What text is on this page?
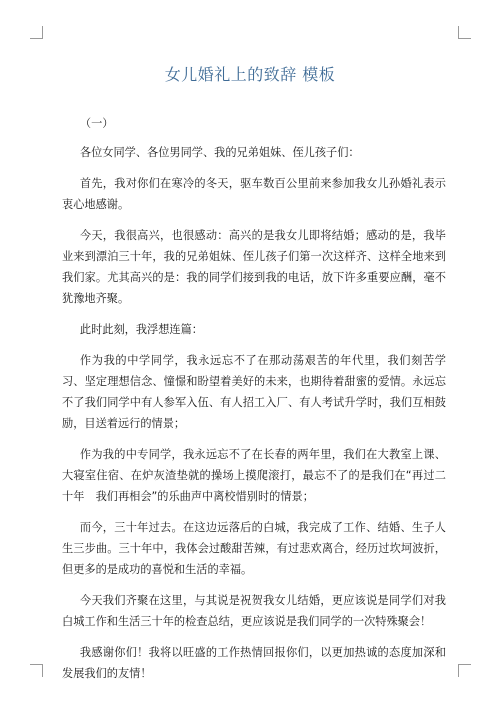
女儿婚礼上的致辞 模板

（一）

各位女同学、各位男同学、我的兄弟姐妹、侄儿孩子们：

首先，我对你们在寒冷的冬天，驱车数百公里前来参加我女儿孙婚礼表示衷心地感谢。

今天，我很高兴，也很感动：高兴的是我女儿即将结婚；感动的是，我毕业来到漂泊三十年，我的兄弟姐妹、侄儿孩子们第一次这样齐、这样全地来到我们家。尤其高兴的是：我的同学们接到我的电话，放下许多重要应酬，毫不犹豫地齐聚。

此时此刻，我浮想连篇：

作为我的中学同学，我永远忘不了在那动荡艰苦的年代里，我们刻苦学习、坚定理想信念、憧憬和盼望着美好的未来，也期待着甜蜜的爱情。永远忘不了我们同学中有人参军入伍、有人招工入厂、有人考试升学时，我们互相鼓励，目送着远行的情景；

作为我的中专同学，我永远忘不了在长春的两年里，我们在大教室上课、大寝室住宿、在炉灰渣垫就的操场上摸爬滚打，最忘不了的是我们在“再过二十年　我们再相会”的乐曲声中离校惜别时的情景；

而今，三十年过去。在这边远落后的白城，我完成了工作、结婚、生子人生三步曲。三十年中，我体会过酸甜苦辣，有过悲欢离合，经历过坎坷波折，但更多的是成功的喜悦和生活的幸福。

今天我们齐聚在这里，与其说是祝贺我女儿结婚，更应该说是同学们对我白城工作和生活三十年的检查总结，更应该说是我们同学的一次特殊聚会！

我感谢你们！我将以旺盛的工作热情回报你们，以更加热诚的态度加深和发展我们的友情！
